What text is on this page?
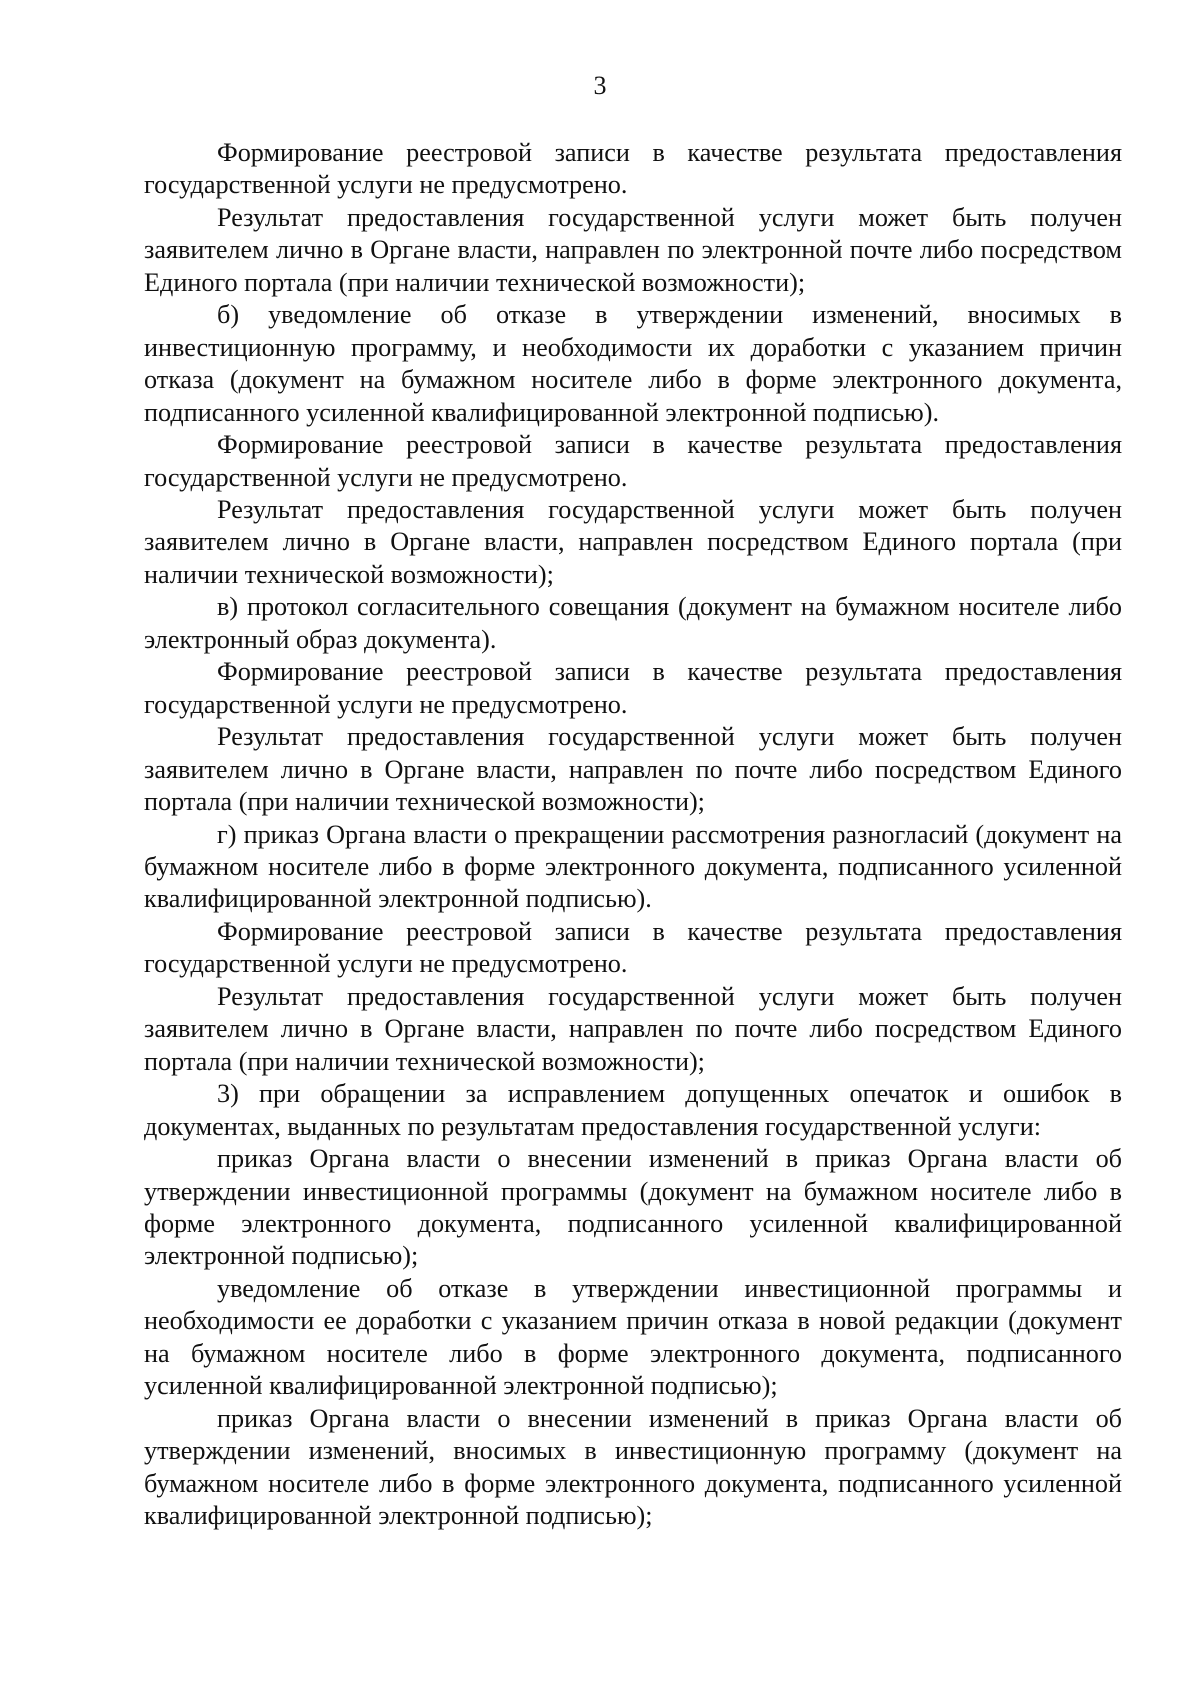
3

Формирование реестровой записи в качестве результата предоставления государственной услуги не предусмотрено.

Результат предоставления государственной услуги может быть получен заявителем лично в Органе власти, направлен по электронной почте либо посредством Единого портала (при наличии технической возможности);

б) уведомление об отказе в утверждении изменений, вносимых в инвестиционную программу, и необходимости их доработки с указанием причин отказа (документ на бумажном носителе либо в форме электронного документа, подписанного усиленной квалифицированной электронной подписью).

Формирование реестровой записи в качестве результата предоставления государственной услуги не предусмотрено.

Результат предоставления государственной услуги может быть получен заявителем лично в Органе власти, направлен посредством Единого портала (при наличии технической возможности);

в) протокол согласительного совещания (документ на бумажном носителе либо электронный образ документа).

Формирование реестровой записи в качестве результата предоставления государственной услуги не предусмотрено.

Результат предоставления государственной услуги может быть получен заявителем лично в Органе власти, направлен по почте либо посредством Единого портала (при наличии технической возможности);

г) приказ Органа власти о прекращении рассмотрения разногласий (документ на бумажном носителе либо в форме электронного документа, подписанного усиленной квалифицированной электронной подписью).

Формирование реестровой записи в качестве результата предоставления государственной услуги не предусмотрено.

Результат предоставления государственной услуги может быть получен заявителем лично в Органе власти, направлен по почте либо посредством Единого портала (при наличии технической возможности);

3) при обращении за исправлением допущенных опечаток и ошибок в документах, выданных по результатам предоставления государственной услуги:

приказ Органа власти о внесении изменений в приказ Органа власти об утверждении инвестиционной программы (документ на бумажном носителе либо в форме электронного документа, подписанного усиленной квалифицированной электронной подписью);

уведомление об отказе в утверждении инвестиционной программы и необходимости ее доработки с указанием причин отказа в новой редакции (документ на бумажном носителе либо в форме электронного документа, подписанного усиленной квалифицированной электронной подписью);

приказ Органа власти о внесении изменений в приказ Органа власти об утверждении изменений, вносимых в инвестиционную программу (документ на бумажном носителе либо в форме электронного документа, подписанного усиленной квалифицированной электронной подписью);
